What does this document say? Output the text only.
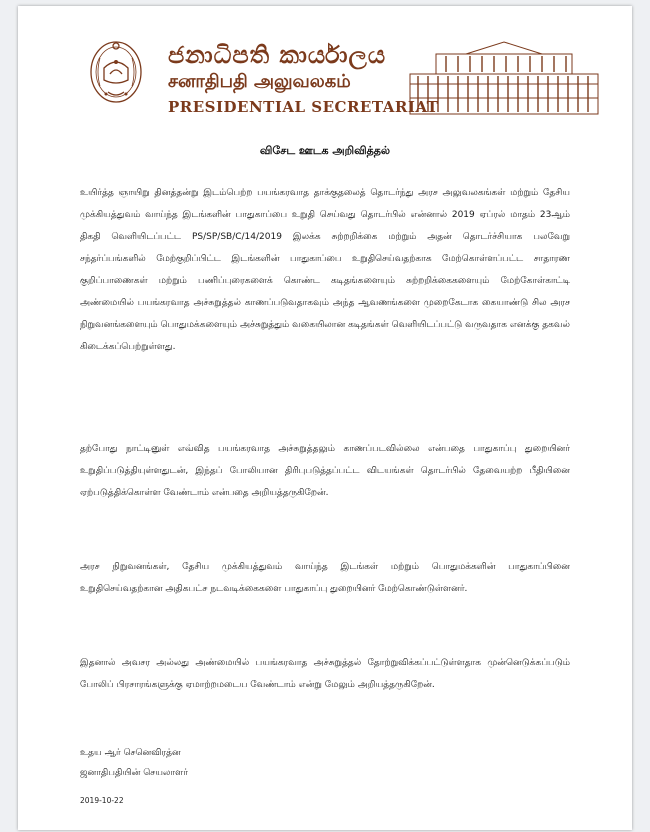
ජනාධිපති කාර්යාලය
சனாதிபதி அலுவலகம்
PRESIDENTIAL SECRETARIAT
விசேட ஊடக அறிவித்தல்

உயிர்த்த ஞாயிறு தினத்தன்று இடம்பெற்ற பயங்கரவாத தாக்குதலைத் தொடர்ந்து அரச அலுவலகங்கள் மற்றும் தேசிய முக்கியத்துவம் வாய்ந்த இடங்களின் பாதுகாப்பை உறுதி செய்வது தொடர்பில் என்னால் 2019 ஏப்ரல் மாதம் 23ஆம் திகதி வெளியிடப்பட்ட PS/SP/SB/C/14/2019 இலக்க சுற்றறிக்கை மற்றும் அதன் தொடர்ச்சியாக பலவேறு சந்தர்ப்பங்களில் மேற்குறிப்பிட்ட இடங்களின் பாதுகாப்பை உறுதிசெய்வதற்காக மேற்கொள்ளப்பட்ட சாதாரண குறிப்பாணைகள் மற்றும் பணிப்புரைகளைக் கொண்ட கடிதங்களையும் சுற்றறிக்கைகளையும் மேற்கோள்காட்டி அண்மையில் பயங்கரவாத அச்சுறுத்தல் காணப்படுவதாகவும் அந்த ஆவணங்களை முறைகேடாக கையாண்டு சில அரச நிறுவனங்களையும் பொதுமக்களையும் அச்சுறுத்தும் வகையிலான கடிதங்கள் வெளியிடப்பட்டு வருவதாக எனக்கு தகவல் கிடைக்கப்பெற்றுள்ளது.

தற்போது நாட்டினுள் எவ்வித பயங்கரவாத அச்சுறுத்தலும் காணப்படவில்லை என்பதை பாதுகாப்பு துறையினர் உறுதிப்படுத்தியுள்ளதுடன், இந்தப் போலியான திரிபுபடுத்தப்பட்ட விடயங்கள் தொடர்பில் தேவையற்ற பீதியினை ஏற்படுத்திக்கொள்ள வேண்டாம் என்பதை அறியத்தருகிறேன்.

அரச நிறுவனங்கள், தேசிய முக்கியத்துவம் வாய்ந்த இடங்கள் மற்றும் பொதுமக்களின் பாதுகாப்பினை உறுதிசெய்வதற்கான அதிகபட்ச நடவடிக்கைகளை பாதுகாப்பு துறையினர் மேற்கொண்டுள்ளனர்.

இதனால் அவசர அல்லது அண்மையில் பயங்கரவாத அச்சுறுத்தல் தோற்றுவிக்கப்பட்டுள்ளதாக முன்னெடுக்கப்படும் போலிப் பிரசாரங்களுக்கு ஏமாற்றமடைய வேண்டாம் என்று மேலும் அறியத்தருகிறேன்.

உதய ஆர் செனெவிரத்ன
ஜனாதிபதியின் செயலாளர்
2019-10-22
